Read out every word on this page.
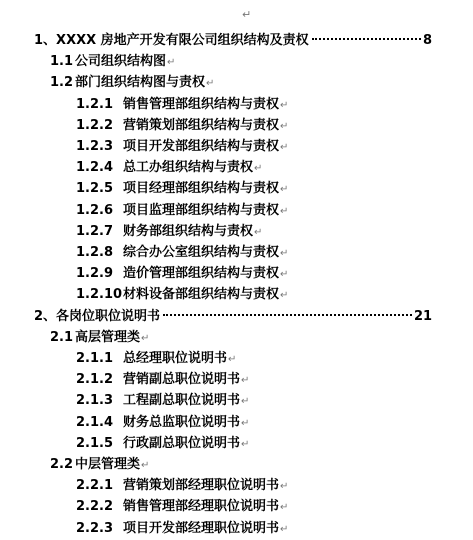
↵
1、XXXX 房地产开发有限公司组织结构及责权	8
1.1 公司组织结构图↵
1.2 部门组织结构图与责权↵
1.2.1 销售管理部组织结构与责权↵
1.2.2 营销策划部组织结构与责权↵
1.2.3 项目开发部组织结构与责权↵
1.2.4 总工办组织结构与责权↵
1.2.5 项目经理部组织结构与责权↵
1.2.6 项目监理部组织结构与责权↵
1.2.7 财务部组织结构与责权↵
1.2.8 综合办公室组织结构与责权↵
1.2.9 造价管理部组织结构与责权↵
1.2.10材料设备部组织结构与责权↵
2、各岗位职位说明书	21
2.1 高层管理类↵
2.1.1 总经理职位说明书↵
2.1.2 营销副总职位说明书↵
2.1.3 工程副总职位说明书↵
2.1.4 财务总监职位说明书↵
2.1.5 行政副总职位说明书↵
2.2 中层管理类↵
2.2.1 营销策划部经理职位说明书↵
2.2.2 销售管理部经理职位说明书↵
2.2.3 项目开发部经理职位说明书↵
